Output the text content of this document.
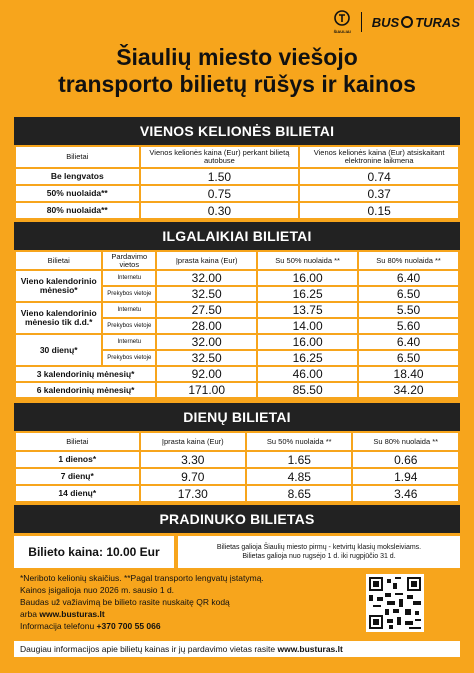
ŠIAULIAI
BUS TURAS
Šiaulių miesto viešojo
transporto bilietų rūšys ir kainos
VIENOS KELIONĖS BILIETAI
Bilietai	Vienos kelionės kaina (Eur) perkant bilietą autobuse	Vienos kelionės kaina (Eur) atsiskaitant elektronine laikmena
Be lengvatos	1.50	0.74
50% nuolaida**	0.75	0.37
80% nuolaida**	0.30	0.15
ILGALAIKIAI BILIETAI
Bilietai	Pardavimo vietos	Įprasta kaina (Eur)	Su 50% nuolaida **	Su 80% nuolaida **
Vieno kalendorinio mėnesio*	Internetu	32.00	16.00	6.40
	Prekybos vietoje	32.50	16.25	6.50
Vieno kalendorinio mėnesio tik d.d.*	Internetu	27.50	13.75	5.50
	Prekybos vietoje	28.00	14.00	5.60
30 dienų*	Internetu	32.00	16.00	6.40
	Prekybos vietoje	32.50	16.25	6.50
3 kalendorinių mėnesių*		92.00	46.00	18.40
6 kalendorinių mėnesių*		171.00	85.50	34.20
DIENŲ BILIETAI
Bilietai	Įprasta kaina (Eur)	Su 50% nuolaida **	Su 80% nuolaida **
1 dienos*	3.30	1.65	0.66
7 dienų*	9.70	4.85	1.94
14 dienų*	17.30	8.65	3.46
PRADINUKO BILIETAS
Bilieto kaina: 10.00 Eur	Bilietas galioja Šiaulių miesto pirmų - ketvirtų klasių moksleiviams.
Bilietas galioja nuo rugsėjo 1 d. iki rugpjūčio 31 d.
*Neriboto kelionių skaičius. **Pagal transporto lengvatų įstatymą.
Kainos įsigalioja nuo 2026 m. sausio 1 d.
Baudas už važiavimą be bilieto rasite nuskaitę QR kodą
arba www.busturas.lt
Informacija telefonu +370 700 55 066
Daugiau informacijos apie bilietų kainas ir jų pardavimo vietas rasite www.busturas.lt
